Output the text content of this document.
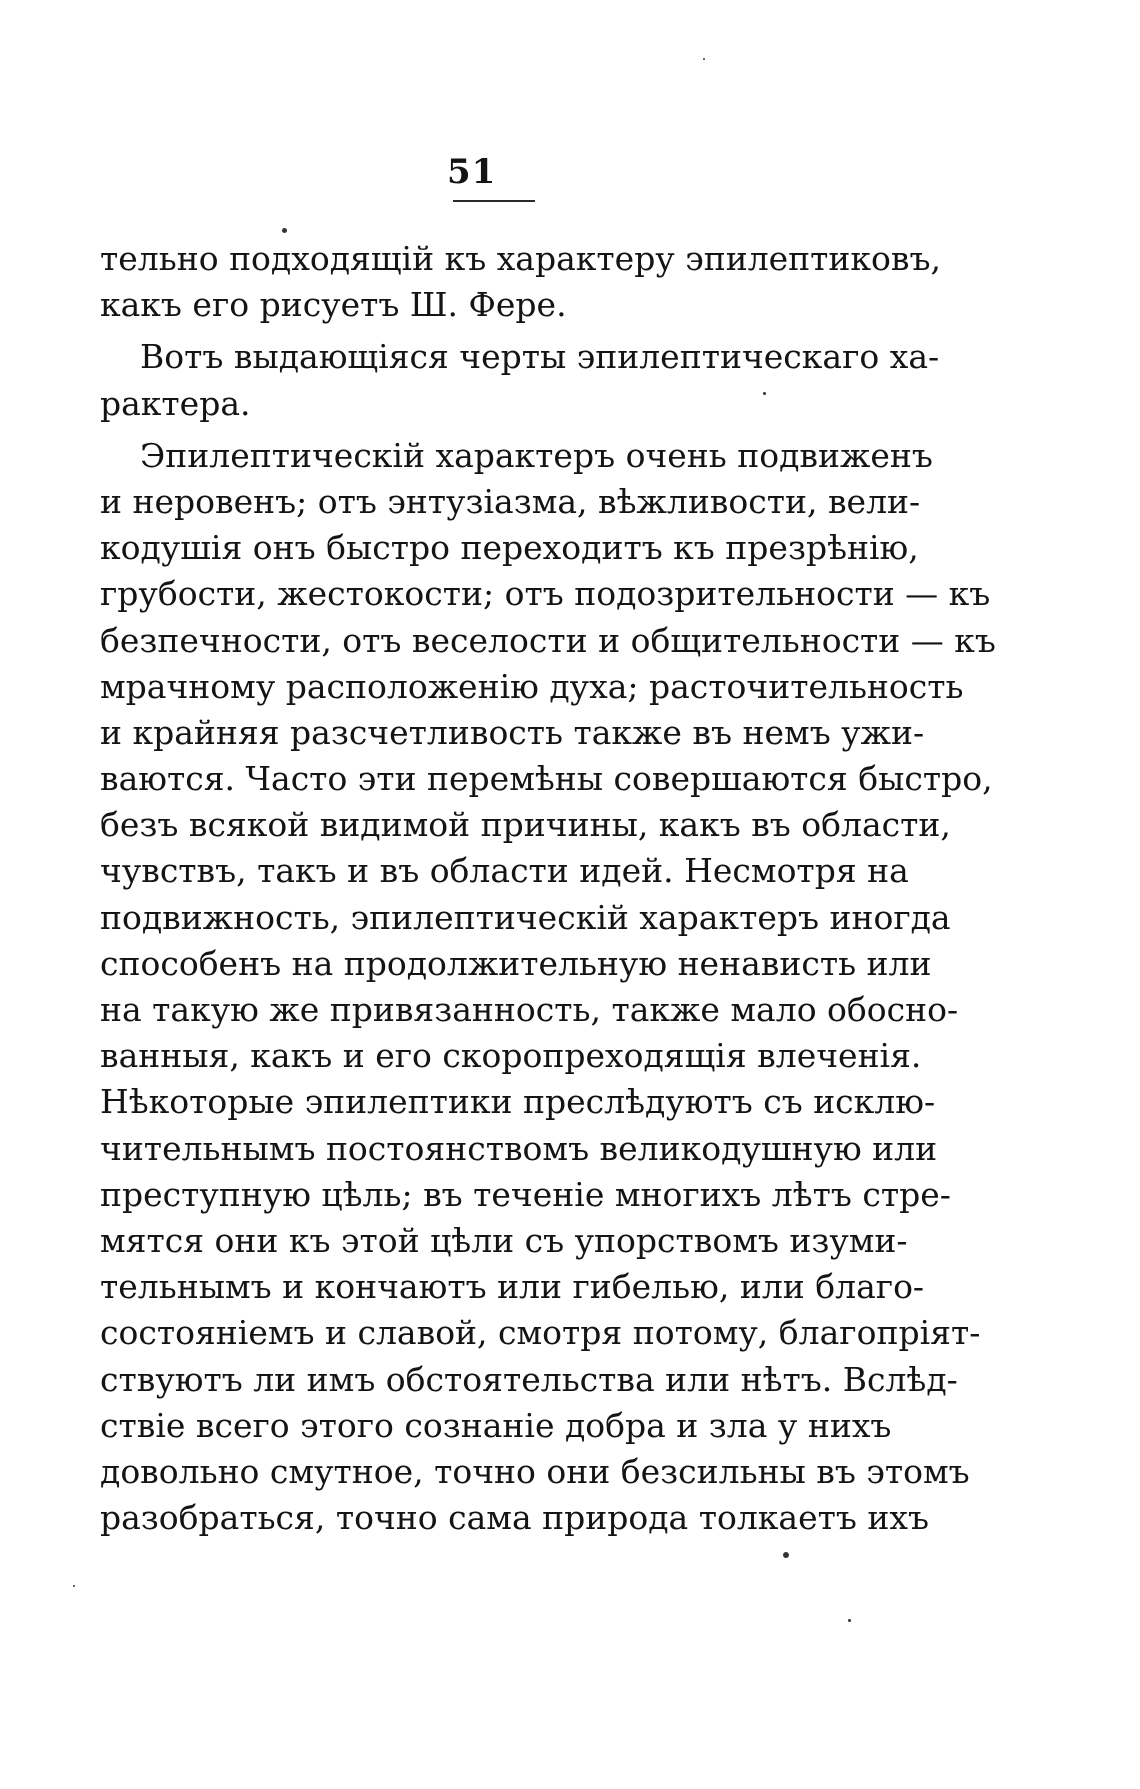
51
тельно подходящiй къ характеру эпилептиковъ,
какъ его рисуетъ Ш. Фере.
Вотъ выдающiяся черты эпилептическаго ха-
рактера.
Эпилептическiй характеръ очень подвиженъ
и неровенъ; отъ энтузiазма, вѣжливости, вели-
кодушiя онъ быстро переходитъ къ презрѣнiю,
грубости, жестокости; отъ подозрительности — къ
безпечности, отъ веселости и общительности — къ
мрачному расположенiю духа; расточительность
и крайняя разсчетливость также въ немъ ужи-
ваются. Часто эти перемѣны совершаются быстро,
безъ всякой видимой причины, какъ въ области,
чувствъ, такъ и въ области идей. Несмотря на
подвижность, эпилептическiй характеръ иногда
способенъ на продолжительную ненависть или
на такую же привязанность, также мало обосно-
ванныя, какъ и его скоропреходящiя влеченiя.
Нѣкоторые эпилептики преслѣдуютъ съ исклю-
чительнымъ постоянствомъ великодушную или
преступную цѣль; въ теченiе многихъ лѣтъ стре-
мятся они къ этой цѣли съ упорствомъ изуми-
тельнымъ и кончаютъ или гибелью, или благо-
состоянiемъ и славой, смотря потому, благопрiят-
ствуютъ ли имъ обстоятельства или нѣтъ. Вслѣд-
ствiе всего этого сознанiе добра и зла у нихъ
довольно смутное, точно они безсильны въ этомъ
разобраться, точно сама природа толкаетъ ихъ
